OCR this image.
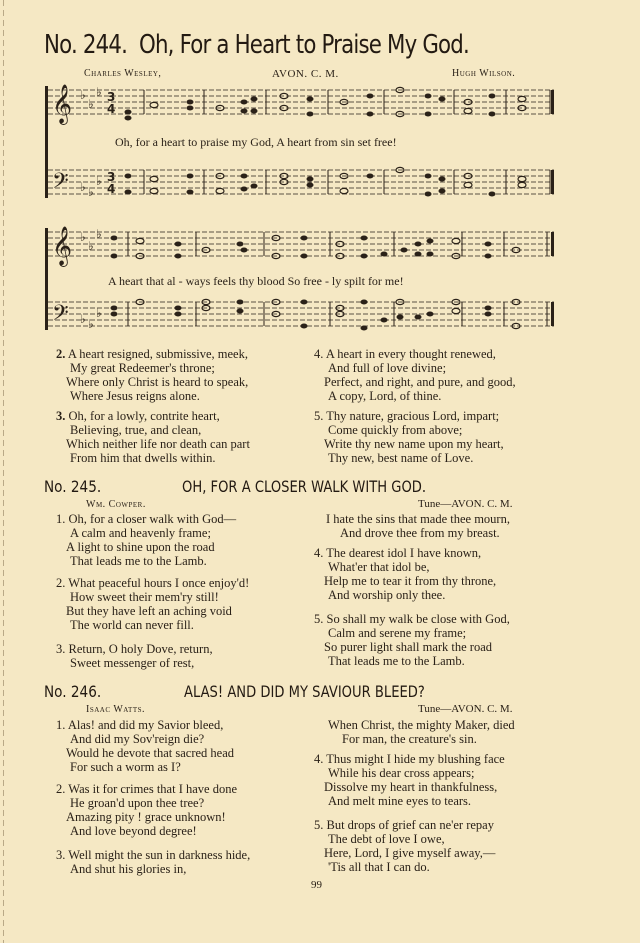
No. 244. Oh, For a Heart to Praise My God.
Charles Wesley,	AVON. C. M.	Hugh Wilson.
𝄞
𝄢
♭
♭
♭
♭ ♭
♭
3
4
3
4
Oh, for a heart to praise my God, A heart from sin set free!
𝄞
𝄢
♭
♭
♭
♭ ♭
♭
A heart that al - ways feels thy blood So free - ly spilt for me!
2. A heart resigned, submissive, meek,
My great Redeemer's throne;
Where only Christ is heard to speak,
Where Jesus reigns alone.
3. Oh, for a lowly, contrite heart,
Believing, true, and clean,
Which neither life nor death can part
From him that dwells within.
4. A heart in every thought renewed,
And full of love divine;
Perfect, and right, and pure, and good,
A copy, Lord, of thine.
5. Thy nature, gracious Lord, impart;
Come quickly from above;
Write thy new name upon my heart,
Thy new, best name of Love.
No. 245.	OH, FOR A CLOSER WALK WITH GOD.
Wm. Cowper.	Tune—AVON. C. M.
1. Oh, for a closer walk with God—
A calm and heavenly frame;
A light to shine upon the road
That leads me to the Lamb.
2. What peaceful hours I once enjoy'd!
How sweet their mem'ry still!
But they have left an aching void
The world can never fill.
3. Return, O holy Dove, return,
Sweet messenger of rest,
I hate the sins that made thee mourn,
And drove thee from my breast.
4. The dearest idol I have known,
What'er that idol be,
Help me to tear it from thy throne,
And worship only thee.
5. So shall my walk be close with God,
Calm and serene my frame;
So purer light shall mark the road
That leads me to the Lamb.
No. 246.	ALAS! AND DID MY SAVIOUR BLEED?
Isaac Watts.	Tune—AVON. C. M.
1. Alas! and did my Savior bleed,
And did my Sov'reign die?
Would he devote that sacred head
For such a worm as I?
2. Was it for crimes that I have done
He groan'd upon thee tree?
Amazing pity ! grace unknown!
And love beyond degree!
3. Well might the sun in darkness hide,
And shut his glories in,
When Christ, the mighty Maker, died
For man, the creature's sin.
4. Thus might I hide my blushing face
While his dear cross appears;
Dissolve my heart in thankfulness,
And melt mine eyes to tears.
5. But drops of grief can ne'er repay
The debt of love I owe,
Here, Lord, I give myself away,—
'Tis all that I can do.
99
